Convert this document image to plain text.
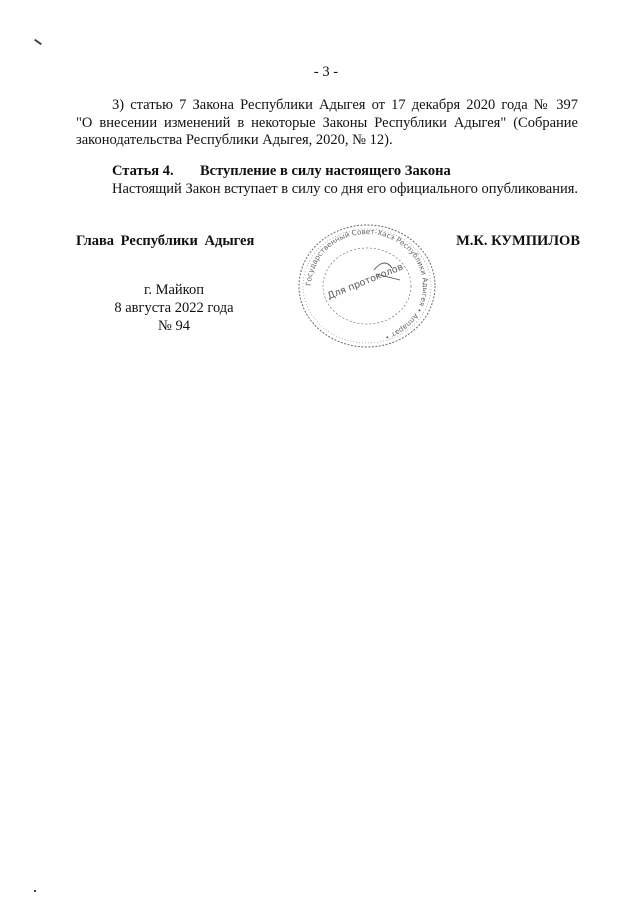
- 3 -
3) статью 7 Закона Республики Адыгея от 17 декабря 2020 года № 397
"О внесении изменений в некоторые Законы Республики Адыгея" (Собрание
законодательства Республики Адыгея, 2020, № 12).
Статья 4. Вступление в силу настоящего Закона
Настоящий Закон вступает в силу со дня его официального опубликования.
Глава Республики Адыгея	М.К. КУМПИЛОВ
Государственный Совет-Хасэ Республики Адыгея • Аппарат •
Для протоколов
г. Майкоп
8 августа 2022 года
№ 94
